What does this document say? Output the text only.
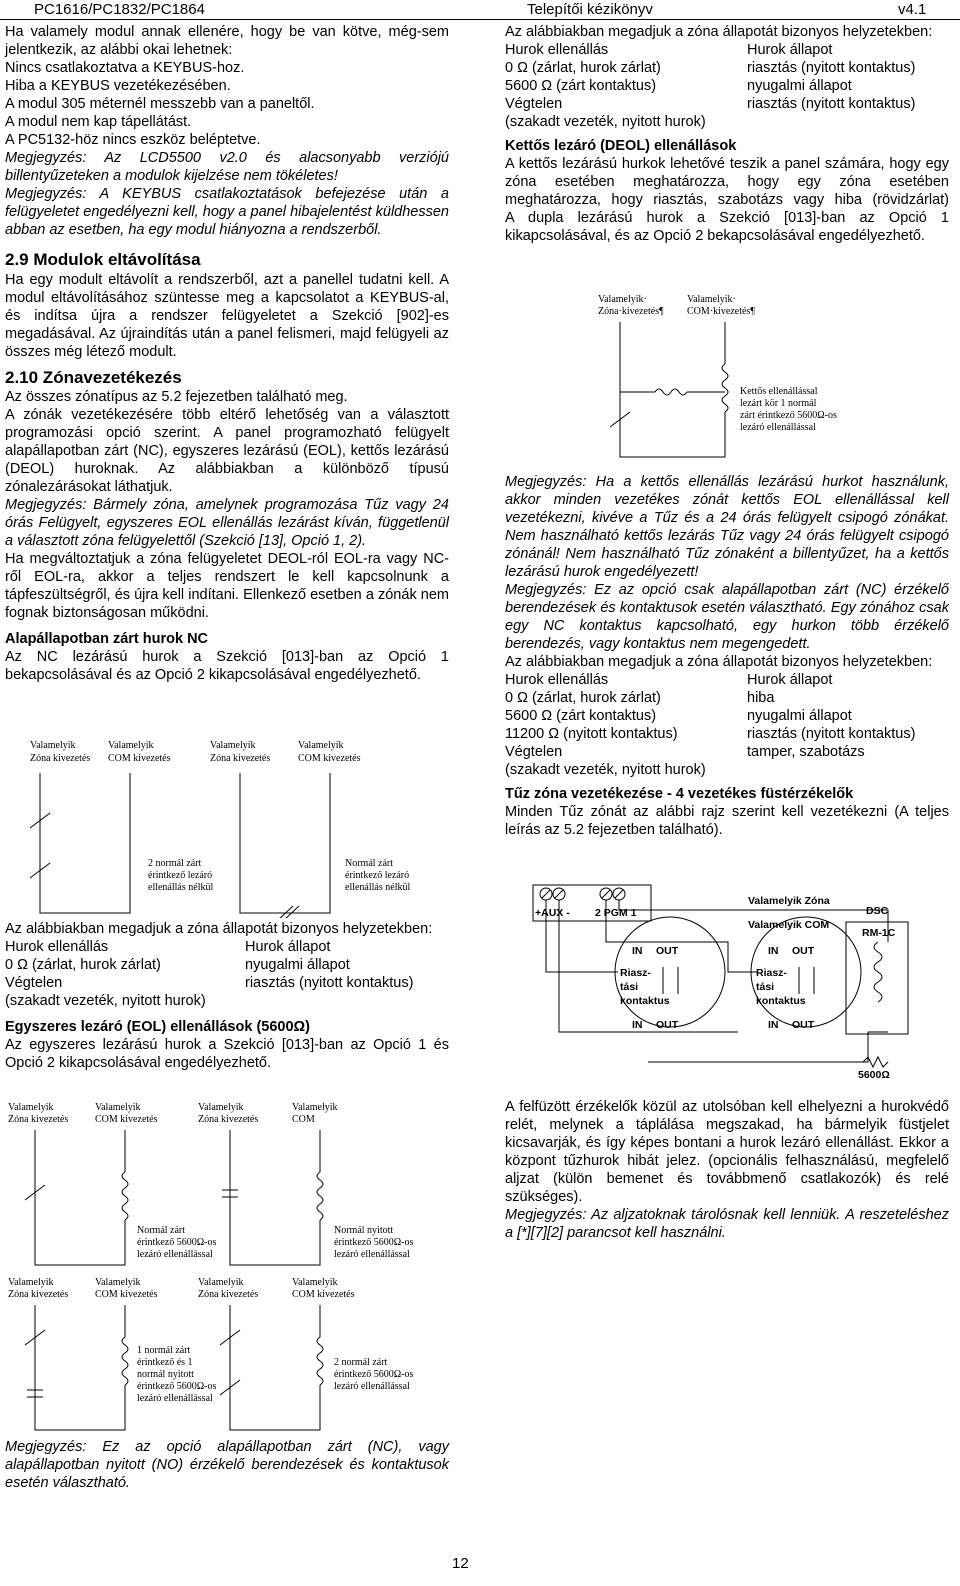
PC1616/PC1832/PC1864	Telepítői kézikönyv	v4.1

Ha valamely modul annak ellenére, hogy be van kötve, még-sem jelentkezik, az alábbi okai lehetnek:

Nincs csatlakoztatva a KEYBUS-hoz.

Hiba a KEYBUS vezetékezésében.

A modul 305 méternél messzebb van a paneltől.

A modul nem kap tápellátást.

A PC5132-höz nincs eszköz beléptetve.

Megjegyzés: Az LCD5500 v2.0 és alacsonyabb verziójú billentyűzeteken a modulok kijelzése nem tökéletes!

Megjegyzés: A KEYBUS csatlakoztatások befejezése után a felügyeletet engedélyezni kell, hogy a panel hibajelentést küldhessen abban az esetben, ha egy modul hiányozna a rendszerből.

2.9 Modulok eltávolítása

Ha egy modult eltávolít a rendszerből, azt a panellel tudatni kell. A modul eltávolításához szüntesse meg a kapcsolatot a KEYBUS-al, és indítsa újra a rendszer felügyeletet a Szekció [902]-es megadásával. Az újraindítás után a panel felismeri, majd felügyeli az összes még létező modult.

2.10 Zónavezetékezés

Az összes zónatípus az 5.2 fejezetben található meg.

A zónák vezetékezésére több eltérő lehetőség van a választott programozási opció szerint. A panel programozható felügyelt alapállapotban zárt (NC), egyszeres lezárású (EOL), kettős lezárású (DEOL) huroknak. Az alábbiakban a különböző típusú zónalezárásokat láthatjuk.

Megjegyzés: Bármely zóna, amelynek programozása Tűz vagy 24 órás Felügyelt, egyszeres EOL ellenállás lezárást kíván, függetlenül a választott zóna felügyelettől (Szekció [13], Opció 1, 2).

Ha megváltoztatjuk a zóna felügyeletet DEOL-ról EOL-ra vagy NC-ről EOL-ra, akkor a teljes rendszert le kell kapcsolnunk a tápfeszültségről, és újra kell indítani. Ellenkező esetben a zónák nem fognak biztonságosan működni.

Alapállapotban zárt hurok NC

Az NC lezárású hurok a Szekció [013]-ban az Opció 1 bekapcsolásával és az Opció 2 kikapcsolásával engedélyezhető.

Valamelyik
Zóna kivezetés
Valamelyik
COM kivezetés
Valamelyik
Zóna kivezetés
Valamelyik
COM kivezetés
2 normál zárt
érintkező lezáró
ellenállás nélkül
Normál zárt
érintkező lezáró
ellenállás nélkül

Az alábbiakban megadjuk a zóna állapotát bizonyos helyzetekben:

Hurok ellenállás	Hurok állapot
0 Ω (zárlat, hurok zárlat)	nyugalmi állapot
Végtelen	riasztás (nyitott kontaktus)
(szakadt vezeték, nyitott hurok)

Egyszeres lezáró (EOL) ellenállások (5600Ω)

Az egyszeres lezárású hurok a Szekció [013]-ban az Opció 1 és Opció 2 kikapcsolásával engedélyezhető.

Valamelyik
Zóna kivezetés
Valamelyik
COM kivezetés
Valamelyik
Zóna kivezetés
Valamelyik
COM
Normál zárt
érintkező 5600Ω-os
lezáró ellenállással
Normál nyitott
érintkező 5600Ω-os
lezáró ellenállással
Valamelyik
Zóna kivezetés
Valamelyik
COM kivezetés
Valamelyik
Zóna kivezetés
Valamelyik
COM kivezetés
1 normál zárt
érintkező és 1
normál nyitott
érintkező 5600Ω-os
lezáró ellenállással
2 normál zárt
érintkező 5600Ω-os
lezáró ellenállással

Megjegyzés: Ez az opció alapállapotban zárt (NC), vagy alapállapotban nyitott (NO) érzékelő berendezések és kontaktusok esetén választható.

Az alábbiakban megadjuk a zóna állapotát bizonyos helyzetekben:

Hurok ellenállás	Hurok állapot
0 Ω (zárlat, hurok zárlat)	riasztás (nyitott kontaktus)
5600 Ω (zárt kontaktus)	nyugalmi állapot
Végtelen	riasztás (nyitott kontaktus)
(szakadt vezeték, nyitott hurok)

Kettős lezáró (DEOL) ellenállások

A kettős lezárású hurkok lehetővé teszik a panel számára, hogy egy zóna esetében meghatározza, hogy egy zóna esetében meghatározza, hogy riasztás, szabotázs vagy hiba (rövidzárlat)

A dupla lezárású hurok a Szekció [013]-ban az Opció 1 kikapcsolásával, és az Opció 2 bekapcsolásával engedélyezhető.

Valamelyik·
Zóna·kivezetés¶
Valamelyik·
COM·kivezetés¶
Kettős ellenállással
lezárt kör 1 normál
zárt érintkező 5600Ω-os
lezáró ellenállással

Megjegyzés: Ha a kettős ellenállás lezárású hurkot használunk, akkor minden vezetékes zónát kettős EOL ellenállással kell vezetékezni, kivéve a Tűz és a 24 órás felügyelt csipogó zónákat. Nem használható kettős lezárás Tűz vagy 24 órás felügyelt csipogó zónánál! Nem használható Tűz zónaként a billentyűzet, ha a kettős lezárású hurok engedélyezett!

Megjegyzés: Ez az opció csak alapállapotban zárt (NC) érzékelő berendezések és kontaktusok esetén választható. Egy zónához csak egy NC kontaktus kapcsolható, egy hurkon több érzékelő berendezés, vagy kontaktus nem megengedett.

Az alábbiakban megadjuk a zóna állapotát bizonyos helyzetekben:

Hurok ellenállás	Hurok állapot
0 Ω (zárlat, hurok zárlat)	hiba
5600 Ω (zárt kontaktus)	nyugalmi állapot
11200 Ω (nyitott kontaktus)	riasztás (nyitott kontaktus)
Végtelen	tamper, szabotázs
(szakadt vezeték, nyitott hurok)

Tűz zóna vezetékezése - 4 vezetékes füstérzékelők

Minden Tűz zónát az alábbi rajz szerint kell vezetékezni (A teljes leírás az 5.2 fejezetben található).

+AUX - 2 PGM 1
Valamelyik Zóna
Valamelyik COM
DSC
RM-1C
IN OUT
Riasz-
tási
kontaktus
IN OUT
IN OUT
Riasz-
tási
kontaktus
IN OUT
5600Ω

A felfüzött érzékelők közül az utolsóban kell elhelyezni a hurokvédő relét, melynek a táplálása megszakad, ha bármelyik füstjelet kicsavarják, és így képes bontani a hurok lezáró ellenállást. Ekkor a központ tűzhurok hibát jelez. (opcionális felhasználású, megfelelő aljzat (külön bemenet és továbbmenő csatlakozók) és relé szükséges).

Megjegyzés: Az aljzatoknak tárolósnak kell lenniük. A reszeteléshez a [*][7][2] parancsot kell használni.

12
